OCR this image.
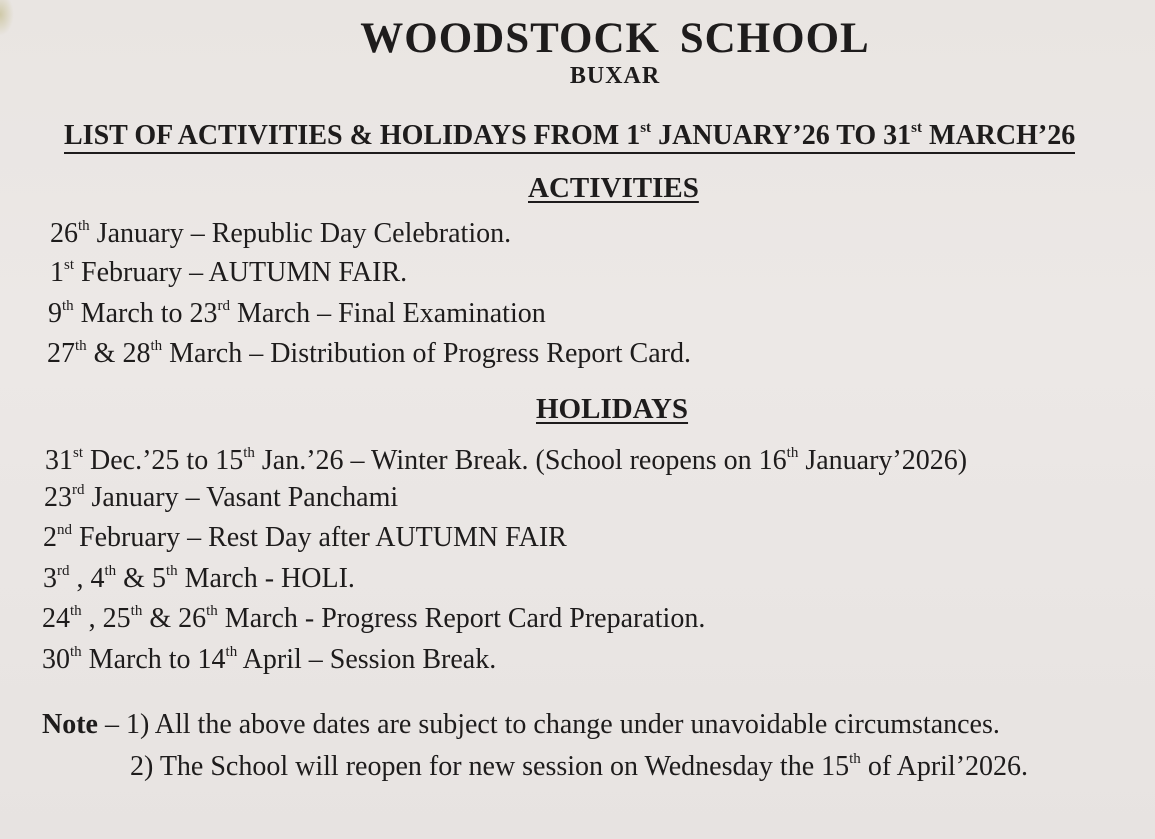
WOODSTOCK SCHOOL
BUXAR
LIST OF ACTIVITIES & HOLIDAYS FROM 1st JANUARY’26 TO 31st MARCH’26
ACTIVITIES
26th January – Republic Day Celebration.
1st February – AUTUMN FAIR.
9th March to 23rd March – Final Examination
27th & 28th March – Distribution of Progress Report Card.
HOLIDAYS
31st Dec.’25 to 15th Jan.’26 – Winter Break. (School reopens on 16th January’2026)
23rd January – Vasant Panchami
2nd February – Rest Day after AUTUMN FAIR
3rd , 4th & 5th March - HOLI.
24th , 25th & 26th March - Progress Report Card Preparation.
30th March to 14th April – Session Break.
Note – 1) All the above dates are subject to change under unavoidable circumstances.
2) The School will reopen for new session on Wednesday the 15th of April’2026.
